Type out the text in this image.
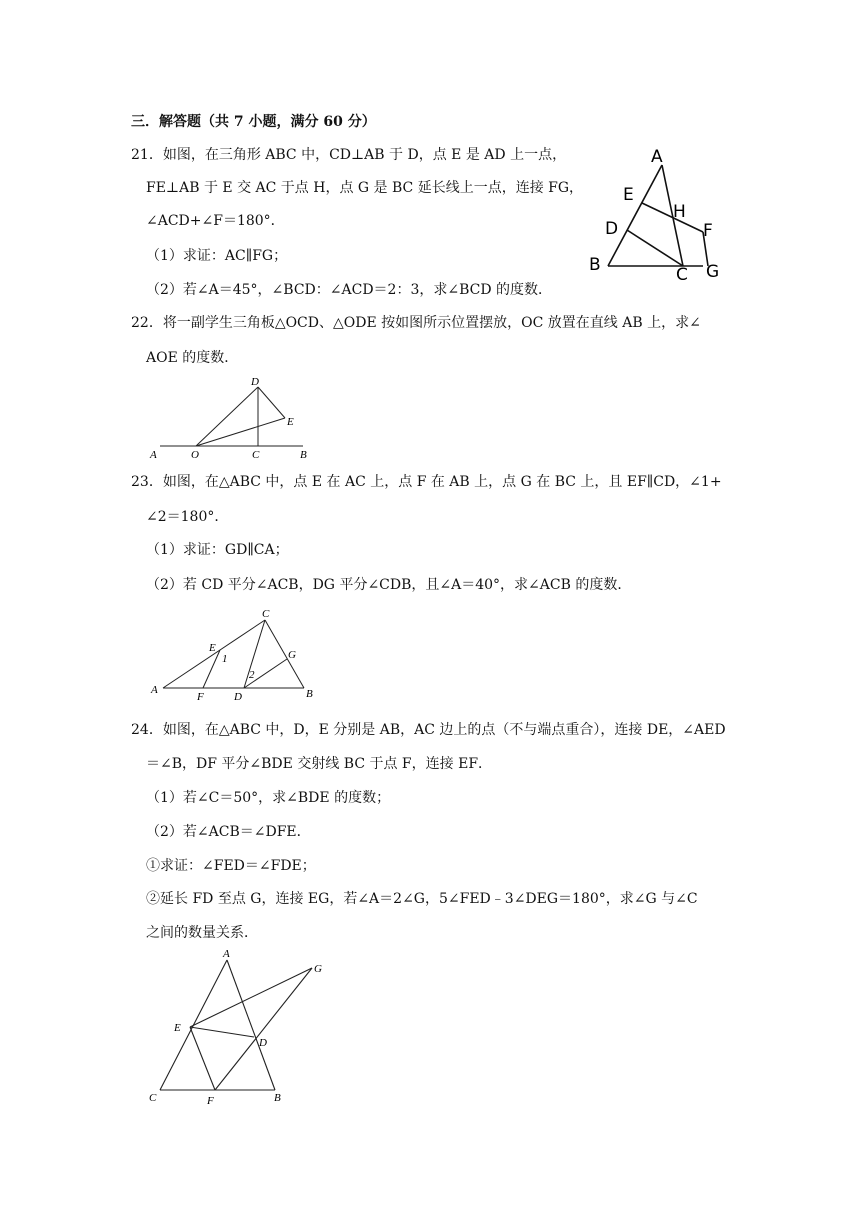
三．解答题（共 7 小题，满分 60 分）
21．如图，在三角形 ABC 中，CD⊥AB 于 D，点 E 是 AD 上一点，
FE⊥AB 于 E 交 AC 于点 H，点 G 是 BC 延长线上一点，连接 FG，
∠ACD+∠F＝180°．
（1）求证：AC∥FG；
（2）若∠A＝45°，∠BCD：∠ACD＝2：3，求∠BCD 的度数．
A
E
H
D	F
B	C G
22．将一副学生三角板△OCD、△ODE 按如图所示位置摆放，OC 放置在直线 AB 上，求∠
AOE 的度数．
D
E
A	O	C	B
23．如图，在△ABC 中，点 E 在 AC 上，点 F 在 AB 上，点 G 在 BC 上，且 EF∥CD，∠1+
∠2＝180°．
（1）求证：GD∥CA；
（2）若 CD 平分∠ACB，DG 平分∠CDB，且∠A＝40°，求∠ACB 的度数．
C
E
1
2
G
A
F	D	B
24．如图，在△ABC 中，D，E 分别是 AB，AC 边上的点（不与端点重合），连接 DE，∠AED
＝∠B，DF 平分∠BDE 交射线 BC 于点 F，连接 EF．
（1）若∠C＝50°，求∠BDE 的度数；
（2）若∠ACB＝∠DFE．
①求证：∠FED＝∠FDE；
②延长 FD 至点 G，连接 EG，若∠A＝2∠G，5∠FED﹣3∠DEG＝180°，求∠G 与∠C
之间的数量关系．
A
G
E
D
C	F	B
